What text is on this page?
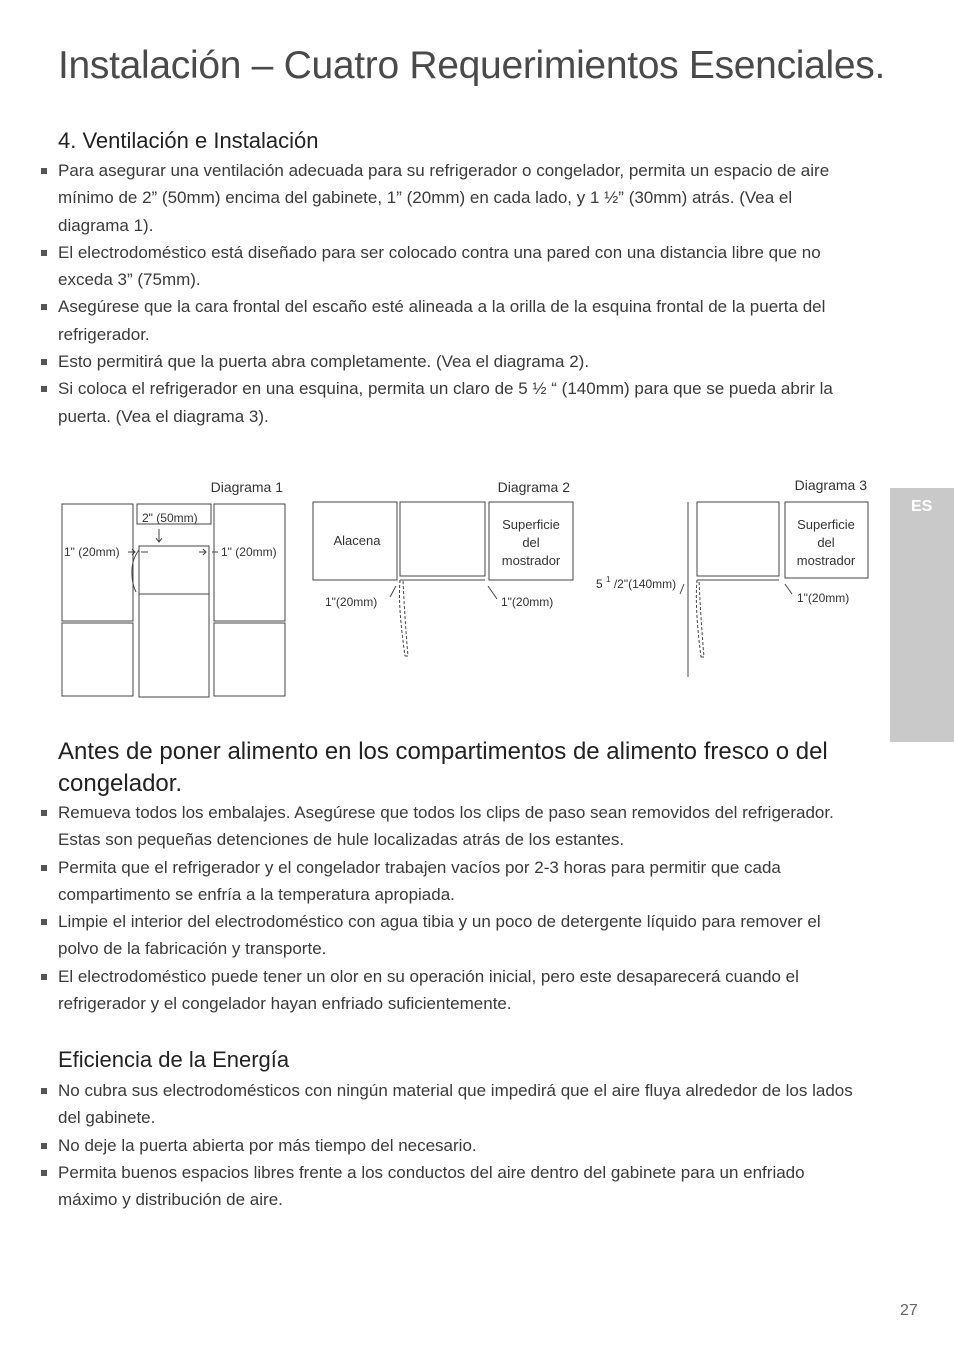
Instalación – Cuatro Requerimientos Esenciales.
4. Ventilación e Instalación
Para asegurar una ventilación adecuada para su refrigerador o congelador, permita un espacio de aire mínimo de 2” (50mm) encima del gabinete, 1” (20mm) en cada lado, y 1 ½” (30mm) atrás. (Vea el diagrama 1).
El electrodoméstico está diseñado para ser colocado contra una pared con una distancia libre que no exceda 3” (75mm).
Asegúrese que la cara frontal del escaño esté alineada a la orilla de la esquina frontal de la puerta del refrigerador.
Esto permitirá que la puerta abra completamente. (Vea el diagrama 2).
Si coloca el refrigerador en una esquina, permita un claro de 5 ½ “ (140mm) para que se pueda abrir la puerta. (Vea el diagrama 3).
Diagrama 1
2" (50mm)
1" (20mm)	1" (20mm)
Diagrama 2
Alacena
Superficie
del
mostrador
1"(20mm)	1"(20mm)
Diagrama 3
5 $^1$ /2"(140mm)
Superficie
del
mostrador
1"(20mm)
Antes de poner alimento en los compartimentos de alimento fresco o del congelador.
Remueva todos los embalajes. Asegúrese que todos los clips de paso sean removidos del refrigerador. Estas son pequeñas detenciones de hule localizadas atrás de los estantes.
Permita que el refrigerador y el congelador trabajen vacíos por 2-3 horas para permitir que cada compartimento se enfría a la temperatura apropiada.
Limpie el interior del electrodoméstico con agua tibia y un poco de detergente líquido para remover el polvo de la fabricación y transporte.
El electrodoméstico puede tener un olor en su operación inicial, pero este desaparecerá cuando el refrigerador y el congelador hayan enfriado suficientemente.
Eficiencia de la Energía
No cubra sus electrodomésticos con ningún material que impedirá que el aire fluya alrededor de los lados del gabinete.
No deje la puerta abierta por más tiempo del necesario.
Permita buenos espacios libres frente a los conductos del aire dentro del gabinete para un enfriado máximo y distribución de aire.
ES
27
